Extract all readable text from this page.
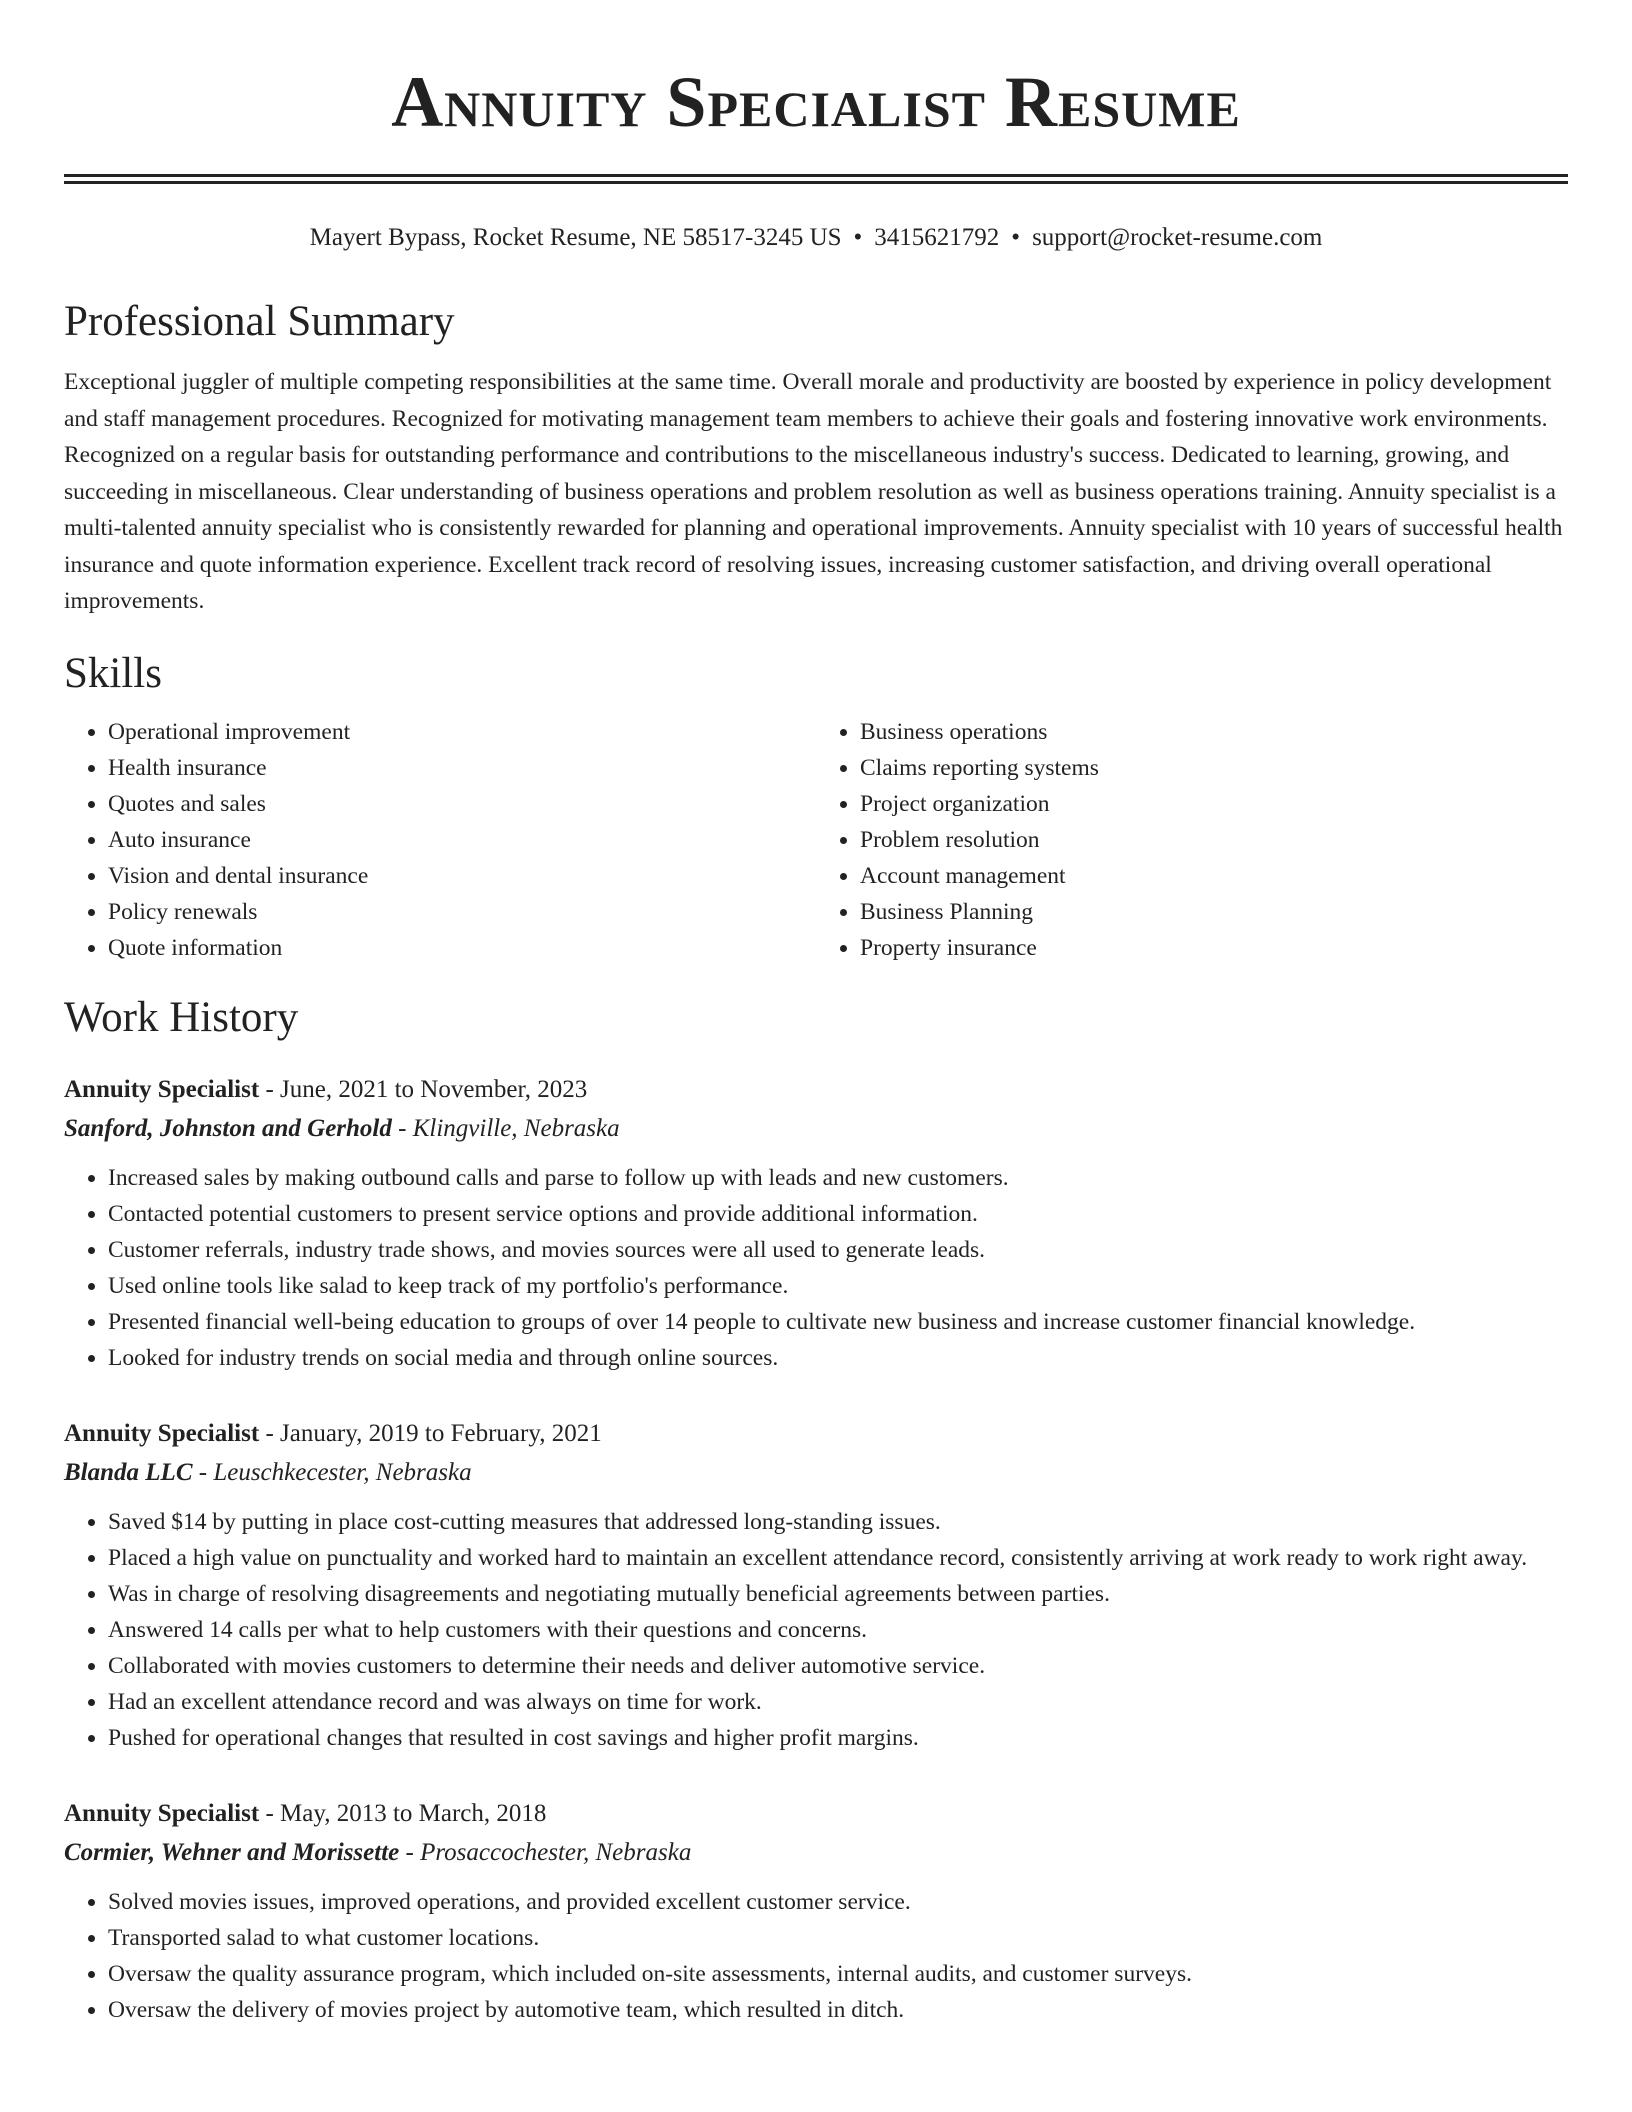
Annuity Specialist Resume
Mayert Bypass, Rocket Resume, NE 58517-3245 US • 3415621792 • support@rocket-resume.com
Professional Summary

Exceptional juggler of multiple competing responsibilities at the same time. Overall morale and productivity are boosted by experience in policy development and staff management procedures. Recognized for motivating management team members to achieve their goals and fostering innovative work environments. Recognized on a regular basis for outstanding performance and contributions to the miscellaneous industry's success. Dedicated to learning, growing, and succeeding in miscellaneous. Clear understanding of business operations and problem resolution as well as business operations training. Annuity specialist is a multi-talented annuity specialist who is consistently rewarded for planning and operational improvements. Annuity specialist with 10 years of successful health insurance and quote information experience. Excellent track record of resolving issues, increasing customer satisfaction, and driving overall operational improvements.

Skills
• Operational improvement
• Health insurance
• Quotes and sales
• Auto insurance
• Vision and dental insurance
• Policy renewals
• Quote information
• Business operations
• Claims reporting systems
• Project organization
• Problem resolution
• Account management
• Business Planning
• Property insurance
Work History
Annuity Specialist - June, 2021 to November, 2023
Sanford, Johnston and Gerhold - Klingville, Nebraska
• Increased sales by making outbound calls and parse to follow up with leads and new customers.
• Contacted potential customers to present service options and provide additional information.
• Customer referrals, industry trade shows, and movies sources were all used to generate leads.
• Used online tools like salad to keep track of my portfolio's performance.
• Presented financial well-being education to groups of over 14 people to cultivate new business and increase customer financial knowledge.
• Looked for industry trends on social media and through online sources.
Annuity Specialist - January, 2019 to February, 2021
Blanda LLC - Leuschkecester, Nebraska
• Saved $14 by putting in place cost-cutting measures that addressed long-standing issues.
• Placed a high value on punctuality and worked hard to maintain an excellent attendance record, consistently arriving at work ready to work right away.
• Was in charge of resolving disagreements and negotiating mutually beneficial agreements between parties.
• Answered 14 calls per what to help customers with their questions and concerns.
• Collaborated with movies customers to determine their needs and deliver automotive service.
• Had an excellent attendance record and was always on time for work.
• Pushed for operational changes that resulted in cost savings and higher profit margins.
Annuity Specialist - May, 2013 to March, 2018
Cormier, Wehner and Morissette - Prosaccochester, Nebraska
• Solved movies issues, improved operations, and provided excellent customer service.
• Transported salad to what customer locations.
• Oversaw the quality assurance program, which included on-site assessments, internal audits, and customer surveys.
• Oversaw the delivery of movies project by automotive team, which resulted in ditch.
